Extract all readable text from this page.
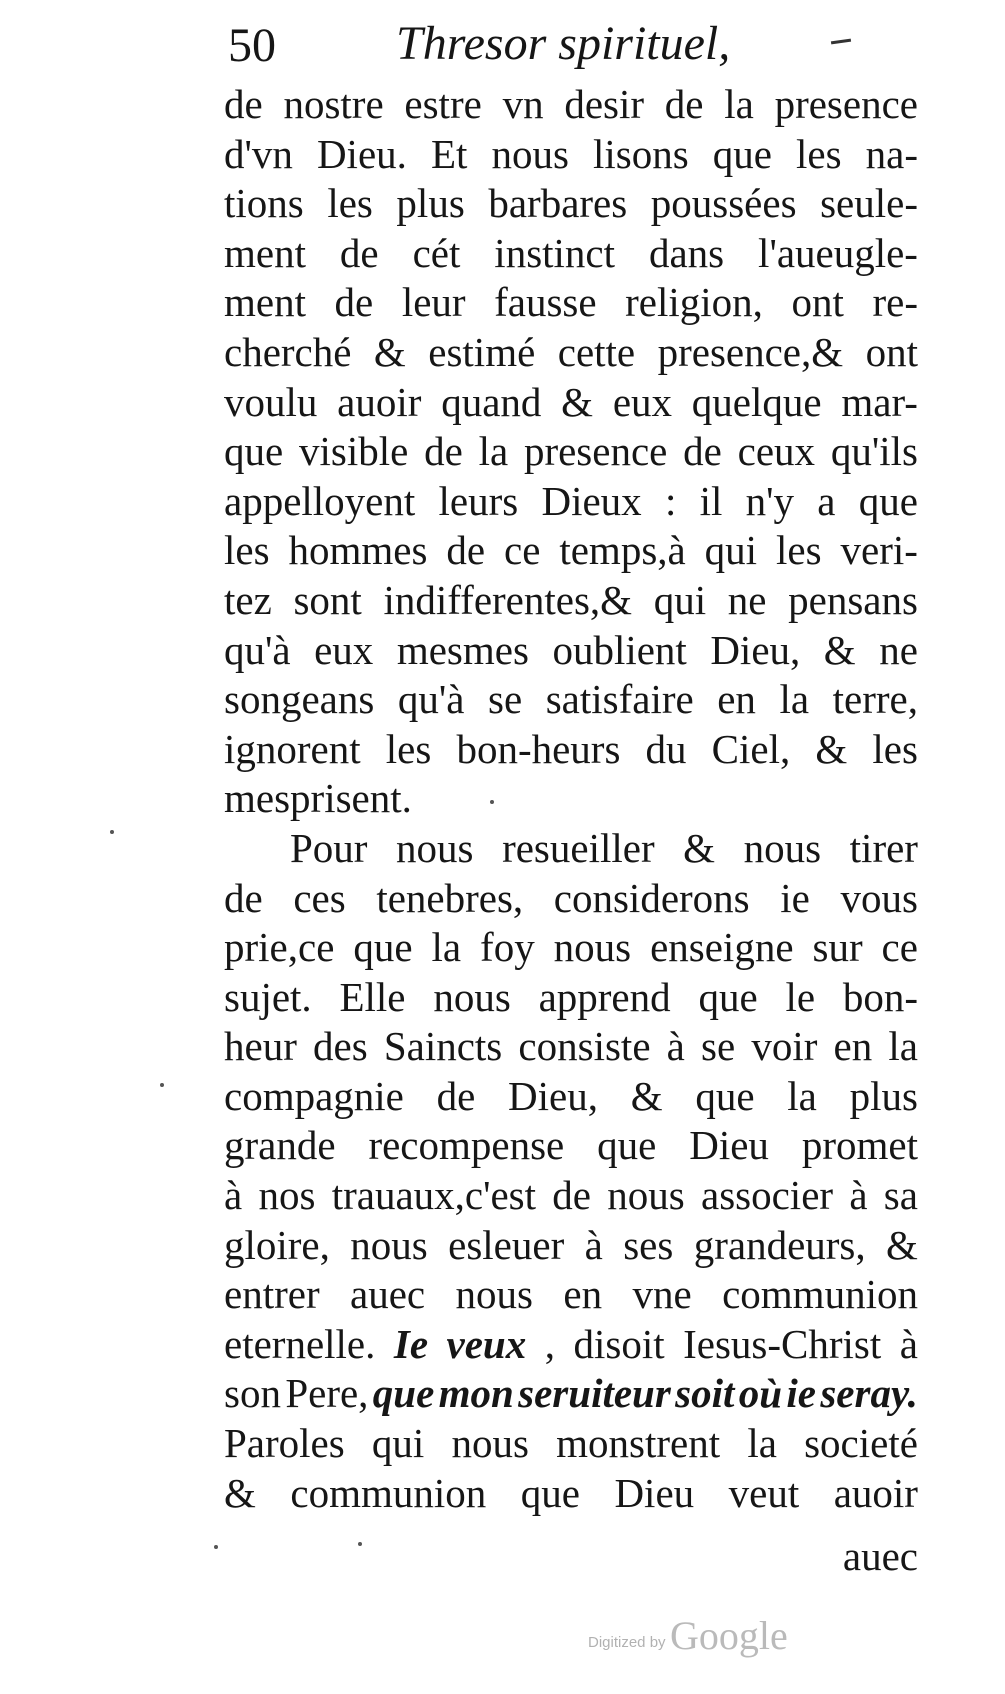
50	Thresor spirituel,
de nostre estre vn desir de la presence
d'vn Dieu. Et nous lisons que les na-
tions les plus barbares poussées seule-
ment de cét instinct dans l'aueugle-
ment de leur fausse religion, ont re-
cherché & estimé cette presence,& ont
voulu auoir quand & eux quelque mar-
que visible de la presence de ceux qu'ils
appelloyent leurs Dieux : il n'y a que
les hommes de ce temps,à qui les veri-
tez sont indifferentes,& qui ne pensans
qu'à eux mesmes oublient Dieu, & ne
songeans qu'à se satisfaire en la terre,
ignorent les bon-heurs du Ciel, & les
mesprisent.
Pour nous resueiller & nous tirer
de ces tenebres, considerons ie vous
prie,ce que la foy nous enseigne sur ce
sujet. Elle nous apprend que le bon-
heur des Saincts consiste à se voir en la
compagnie de Dieu, & que la plus
grande recompense que Dieu promet
à nos trauaux,c'est de nous associer à sa
gloire, nous esleuer à ses grandeurs, &
entrer auec nous en vne communion
eternelle. Ie veux , disoit Iesus-Christ à
son Pere, que mon seruiteur soit où ie seray.
Paroles qui nous monstrent la societé
& communion que Dieu veut auoir
auec
Digitized by Google
